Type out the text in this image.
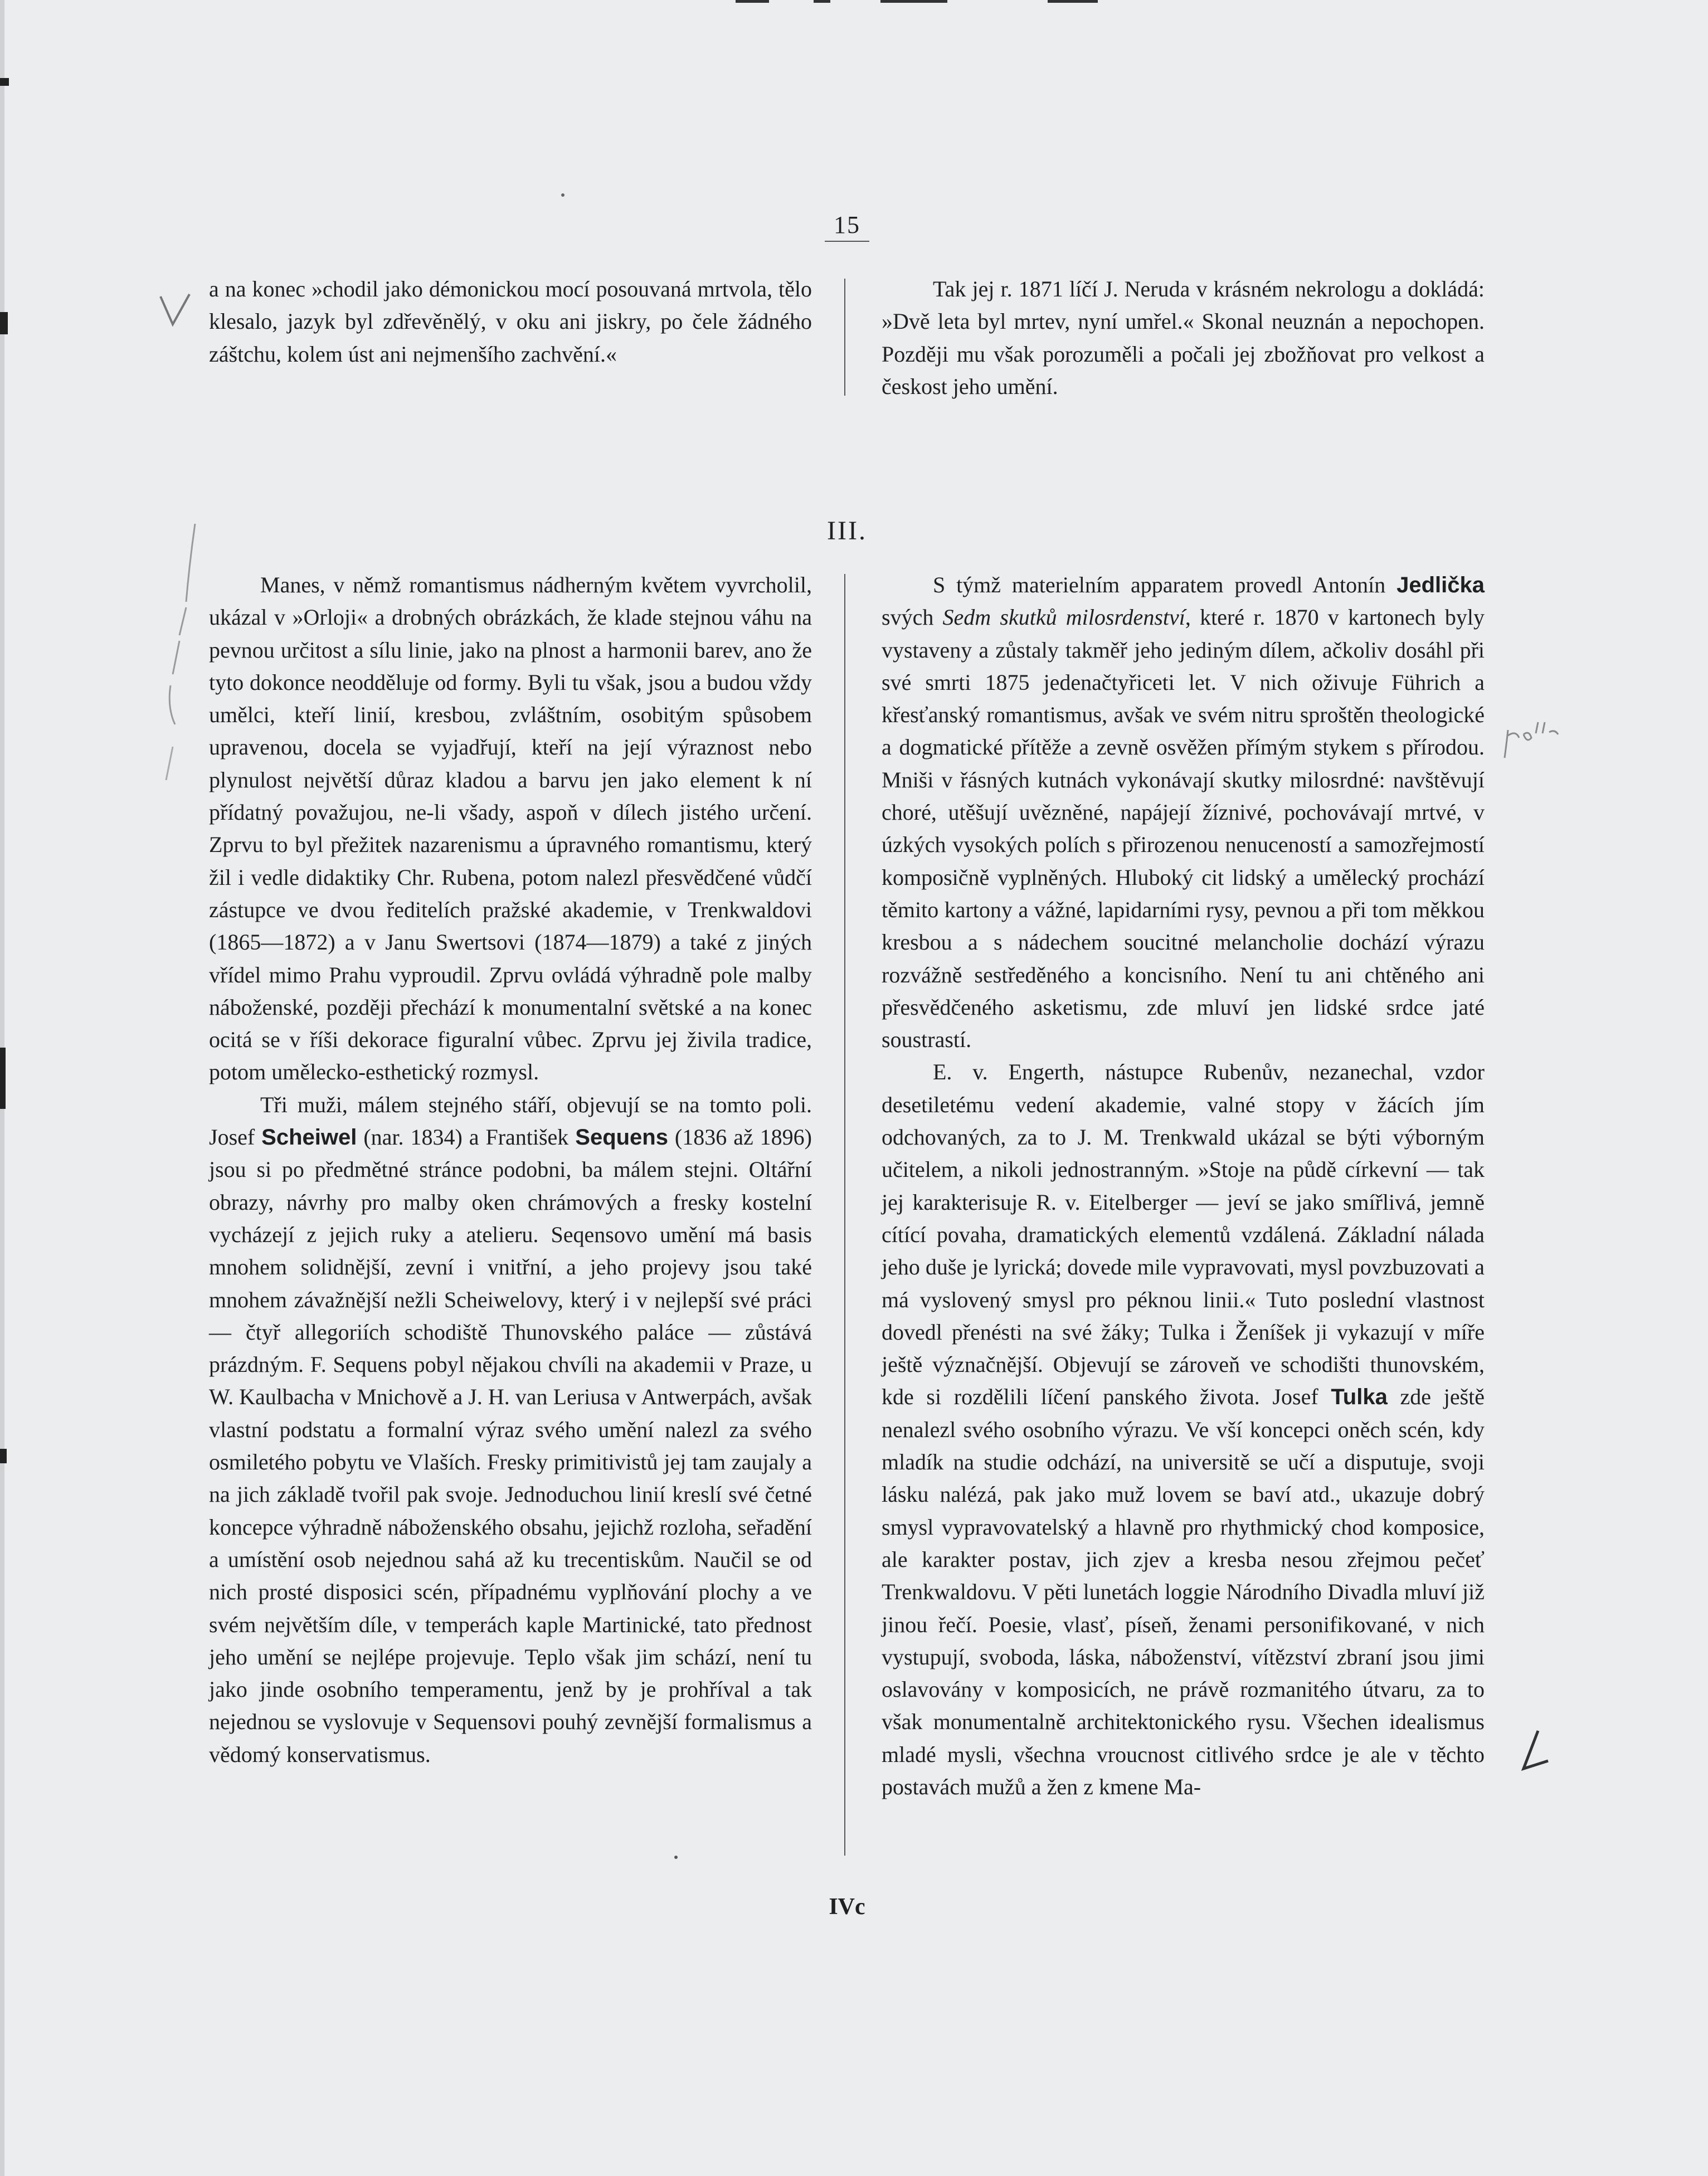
15

a na konec »chodil jako démonickou mocí posouvaná mrtvola, tělo klesalo, jazyk byl zdřevěnělý, v oku ani jiskry, po čele žádného záštchu, kolem úst ani nejmenšího zachvění.«

Tak jej r. 1871 líčí J. Neruda v krásném nekrologu a dokládá: »Dvě leta byl mrtev, nyní umřel.« Skonal neuznán a nepochopen. Později mu však porozuměli a počali jej zbožňovat pro velkost a českost jeho umění.

III.

Manes, v němž romantismus nádherným květem vyvrcholil, ukázal v »Orloji« a drobných obrázkách, že klade stejnou váhu na pevnou určitost a sílu linie, jako na plnost a harmonii barev, ano že tyto dokonce neodděluje od formy. Byli tu však, jsou a budou vždy umělci, kteří linií, kresbou, zvláštním, osobitým spůsobem upravenou, docela se vyjadřují, kteří na její výraznost nebo plynulost největší důraz kladou a barvu jen jako element k ní přídatný považujou, ne-li všady, aspoň v dílech jistého určení. Zprvu to byl přežitek nazarenismu a úpravného romantismu, který žil i vedle didaktiky Chr. Rubena, potom nalezl přesvědčené vůdčí zástupce ve dvou ředitelích pražské akademie, v Trenkwaldovi (1865—1872) a v Janu Swertsovi (1874—1879) a také z jiných vřídel mimo Prahu vyproudil. Zprvu ovládá výhradně pole malby náboženské, později přechází k monumentalní světské a na konec ocitá se v říši dekorace figuralní vůbec. Zprvu jej živila tradice, potom umělecko-esthetický rozmysl.

Tři muži, málem stejného stáří, objevují se na tomto poli. Josef Scheiwel (nar. 1834) a František Sequens (1836 až 1896) jsou si po předmětné stránce podobni, ba málem stejni. Oltářní obrazy, návrhy pro malby oken chrámových a fresky kostelní vycházejí z jejich ruky a atelieru. Seqensovo umění má basis mnohem solidnější, zevní i vnitřní, a jeho projevy jsou také mnohem závažnější nežli Scheiwelovy, který i v nejlepší své práci — čtyř allegoriích schodiště Thunovského paláce — zůstává prázdným. F. Sequens pobyl nějakou chvíli na akademii v Praze, u W. Kaulbacha v Mnichově a J. H. van Leriusa v Antwerpách, avšak vlastní podstatu a formalní výraz svého umění nalezl za svého osmiletého pobytu ve Vlaších. Fresky primitivistů jej tam zaujaly a na jich základě tvořil pak svoje. Jednoduchou linií kreslí své četné koncepce výhradně náboženského obsahu, jejichž rozloha, seřadění a umístění osob nejednou sahá až ku trecentiskům. Naučil se od nich prosté disposici scén, případnému vyplňování plochy a ve svém největším díle, v temperách kaple Martinické, tato přednost jeho umění se nejlépe projevuje. Teplo však jim schází, není tu jako jinde osobního temperamentu, jenž by je prohříval a tak nejednou se vyslovuje v Sequensovi pouhý zevnější formalismus a vědomý konservatismus.

S týmž materielním apparatem provedl Antonín Jedlička svých Sedm skutků milosrdenství, které r. 1870 v kartonech byly vystaveny a zůstaly takměř jeho jediným dílem, ačkoliv dosáhl při své smrti 1875 jedenačtyřiceti let. V nich oživuje Führich a křesťanský romantismus, avšak ve svém nitru sproštěn theologické a dogmatické přítěže a zevně osvěžen přímým stykem s přírodou. Mniši v řásných kutnách vykonávají skutky milosrdné: navštěvují choré, utěšují uvězněné, napájejí žíznivé, pochovávají mrtvé, v úzkých vysokých polích s přirozenou nenuceností a samozřejmostí komposičně vyplněných. Hluboký cit lidský a umělecký prochází těmito kartony a vážné, lapidarními rysy, pevnou a při tom měkkou kresbou a s nádechem soucitné melancholie dochází výrazu rozvážně sestředěného a koncisního. Není tu ani chtěného ani přesvědčeného asketismu, zde mluví jen lidské srdce jaté soustrastí.

E. v. Engerth, nástupce Rubenův, nezanechal, vzdor desetiletému vedení akademie, valné stopy v žácích jím odchovaných, za to J. M. Trenkwald ukázal se býti výborným učitelem, a nikoli jednostranným. »Stoje na půdě církevní — tak jej karakterisuje R. v. Eitelberger — jeví se jako smířlivá, jemně cítící povaha, dramatických elementů vzdálená. Základní nálada jeho duše je lyrická; dovede mile vypravovati, mysl povzbuzovati a má vyslovený smysl pro péknou linii.« Tuto poslední vlastnost dovedl přenésti na své žáky; Tulka i Ženíšek ji vykazují v míře ještě význačnější. Objevují se zároveň ve schodišti thunovském, kde si rozdělili líčení panského života. Josef Tulka zde ještě nenalezl svého osobního výrazu. Ve vší koncepci oněch scén, kdy mladík na studie odchází, na universitě se učí a disputuje, svoji lásku nalézá, pak jako muž lovem se baví atd., ukazuje dobrý smysl vypravovatelský a hlavně pro rhythmický chod komposice, ale karakter postav, jich zjev a kresba nesou zřejmou pečeť Trenkwaldovu. V pěti lunetách loggie Národního Divadla mluví již jinou řečí. Poesie, vlasť, píseň, ženami personifikované, v nich vystupují, svoboda, láska, náboženství, vítězství zbraní jsou jimi oslavovány v komposicích, ne právě rozmanitého útvaru, za to však monumentalně architektonického rysu. Všechen idealismus mladé mysli, všechna vroucnost citlivého srdce je ale v těchto postavách mužů a žen z kmene Ma-

IVc
